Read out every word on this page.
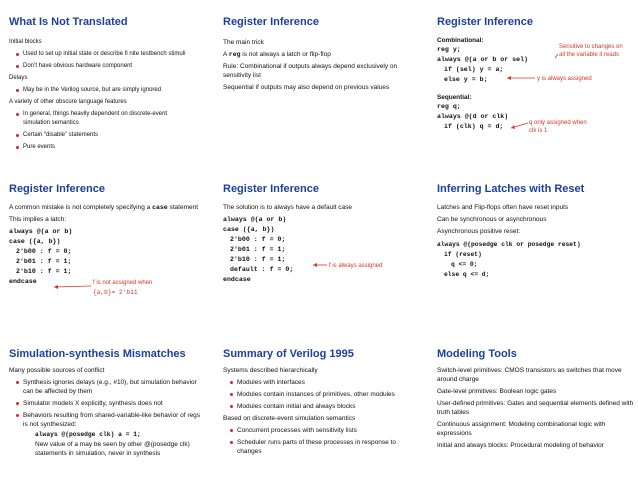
What Is Not Translated
Initial blocks
Used to set up initial state or describe fi nite testbench stimuli
Don’t have obvious hardware component
Delays
May be in the Verilog source, but are simply ignored
A variety of other obscure language features
In general, things heavily dependent on discrete-event simulation semantics
Certain “disable” statements
Pure events
Register Inference
The main trick
A reg is not always a latch or flip-flop
Rule: Combinational if outputs always depend exclusively on sensitivity list
Sequential if outputs may also depend on previous values
Register Inference
Combinational:
reg y;
always @(a or b or sel)
if (sel) y = a;
else y = b;
Sequential:
reg q;
always @(d or clk)
if (clk) q = d;
Sensitive to changes on all the variable it reads
y is always assigned
q only assigned when clk is 1
Register Inference
A common mistake is not completely specifying a case statement
This implies a latch:
always @(a or b)
case ({a, b})
2'b00 : f = 0;
2'b01 : f = 1;
2'b10 : f = 1;
endcase	f is not assigned when
{a,b}= 2'b11
Register Inference
The solution is to always have a default case
always @(a or b)
case ({a, b})
2'b00 : f = 0;
2'b01 : f = 1;
2'b10 : f = 1;
default : f = 0;
endcase
f is always assigned
Inferring Latches with Reset
Latches and Flip-flops often have reset inputs
Can be synchronous or asynchronous
Asynchronous positive reset:
always @(posedge clk or posedge reset)
if (reset)
q <= 0;
else q <= d;
Simulation-synthesis Mismatches
Many possible sources of conflict
Synthesis ignores delays (e.g., #10), but simulation behavior can be affected by them
Simulator models X explicitly, synthesis does not
Behaviors resulting from shared-variable-like behavior of regs is not synthesized:
always @(posedge clk) a = 1;
New value of a may be seen by other @(posedge clk) statements in simulation, never in synthesis
Summary of Verilog 1995
Systems described hierarchically
Modules with interfaces
Modules contain instances of primitives, other modules
Modules contain initial and always blocks
Based on discrete-event simulation semantics
Concurrent processes with sensitivity lists
Scheduler runs parts of these processes in response to changes
Modeling Tools
Switch-level primitives: CMOS transistors as switches that move around charge
Gate-level primitives: Boolean logic gates
User-defined primitives: Gates and sequential elements defined with truth tables
Continuous assignment: Modeling combinational logic with expressions
Initial and always blocks: Procedural modeling of behavior
